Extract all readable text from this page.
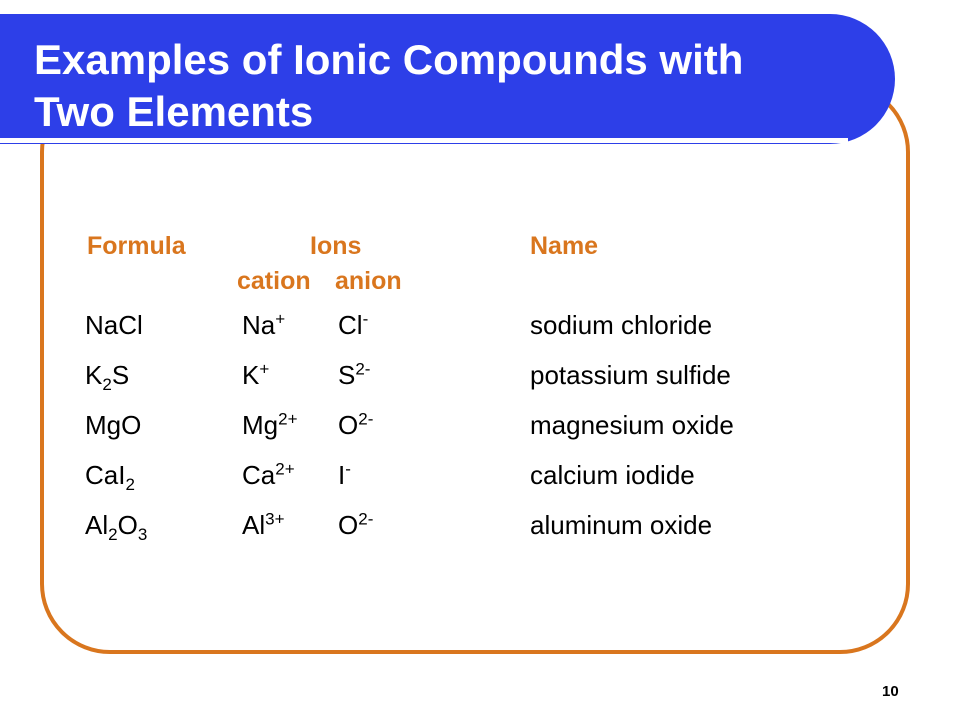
Examples of Ionic Compounds with
Two Elements
Formula	Ions	Name
cation anion
NaCl	Na+ Cl-	sodium chloride
$K_2S$	K+	$S^{2-}$	potassium sulfide
MgO	$Mg^{2+}$ $O^{2-}$	magnesium oxide
CaI$_2$	$Ca^{2+}$ I-	calcium iodide
$Al_2O_3$	$Al^{3+}$ $O^{2-}$	aluminum oxide
10
